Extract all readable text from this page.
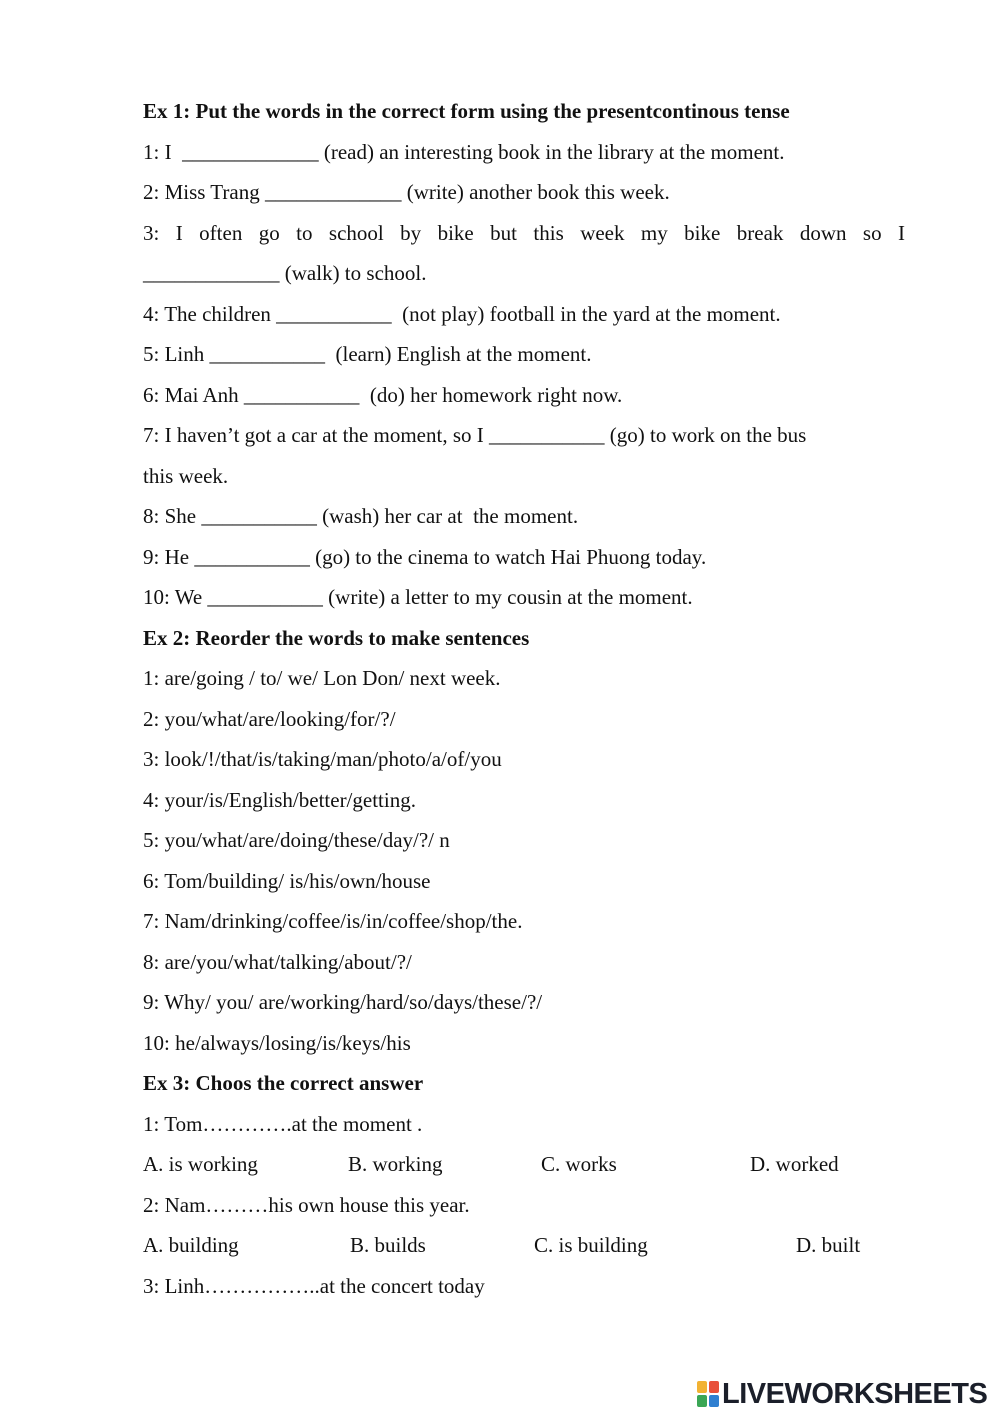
Ex 1: Put the words in the correct form using the presentcontinous tense
1: I  _____________ (read) an interesting book in the library at the moment.
2: Miss Trang _____________ (write) another book this week.
3: I often go to school by bike but this week my bike break down so I
_____________ (walk) to school.
4: The children ___________  (not play) football in the yard at the moment.
5: Linh ___________  (learn) English at the moment.
6: Mai Anh ___________  (do) her homework right now.
7: I haven’t got a car at the moment, so I ___________ (go) to work on the bus
this week.
8: She ___________ (wash) her car at  the moment.
9: He ___________ (go) to the cinema to watch Hai Phuong today.
10: We ___________ (write) a letter to my cousin at the moment.
Ex 2: Reorder the words to make sentences
1: are/going / to/ we/ Lon Don/ next week.
2: you/what/are/looking/for/?/
3: look/!/that/is/taking/man/photo/a/of/you
4: your/is/English/better/getting.
5: you/what/are/doing/these/day/?/ n
6: Tom/building/ is/his/own/house
7: Nam/drinking/coffee/is/in/coffee/shop/the.
8: are/you/what/talking/about/?/
9: Why/ you/ are/working/hard/so/days/these/?/
10: he/always/losing/is/keys/his
Ex 3: Choos the correct answer
1: Tom………….at the moment .
A. is working	B. working	C. works	D. worked
2: Nam………his own house this year.
A. building	B. builds	C. is building	D. built
3: Linh……………..at the concert today
LIVEWORKSHEETS
